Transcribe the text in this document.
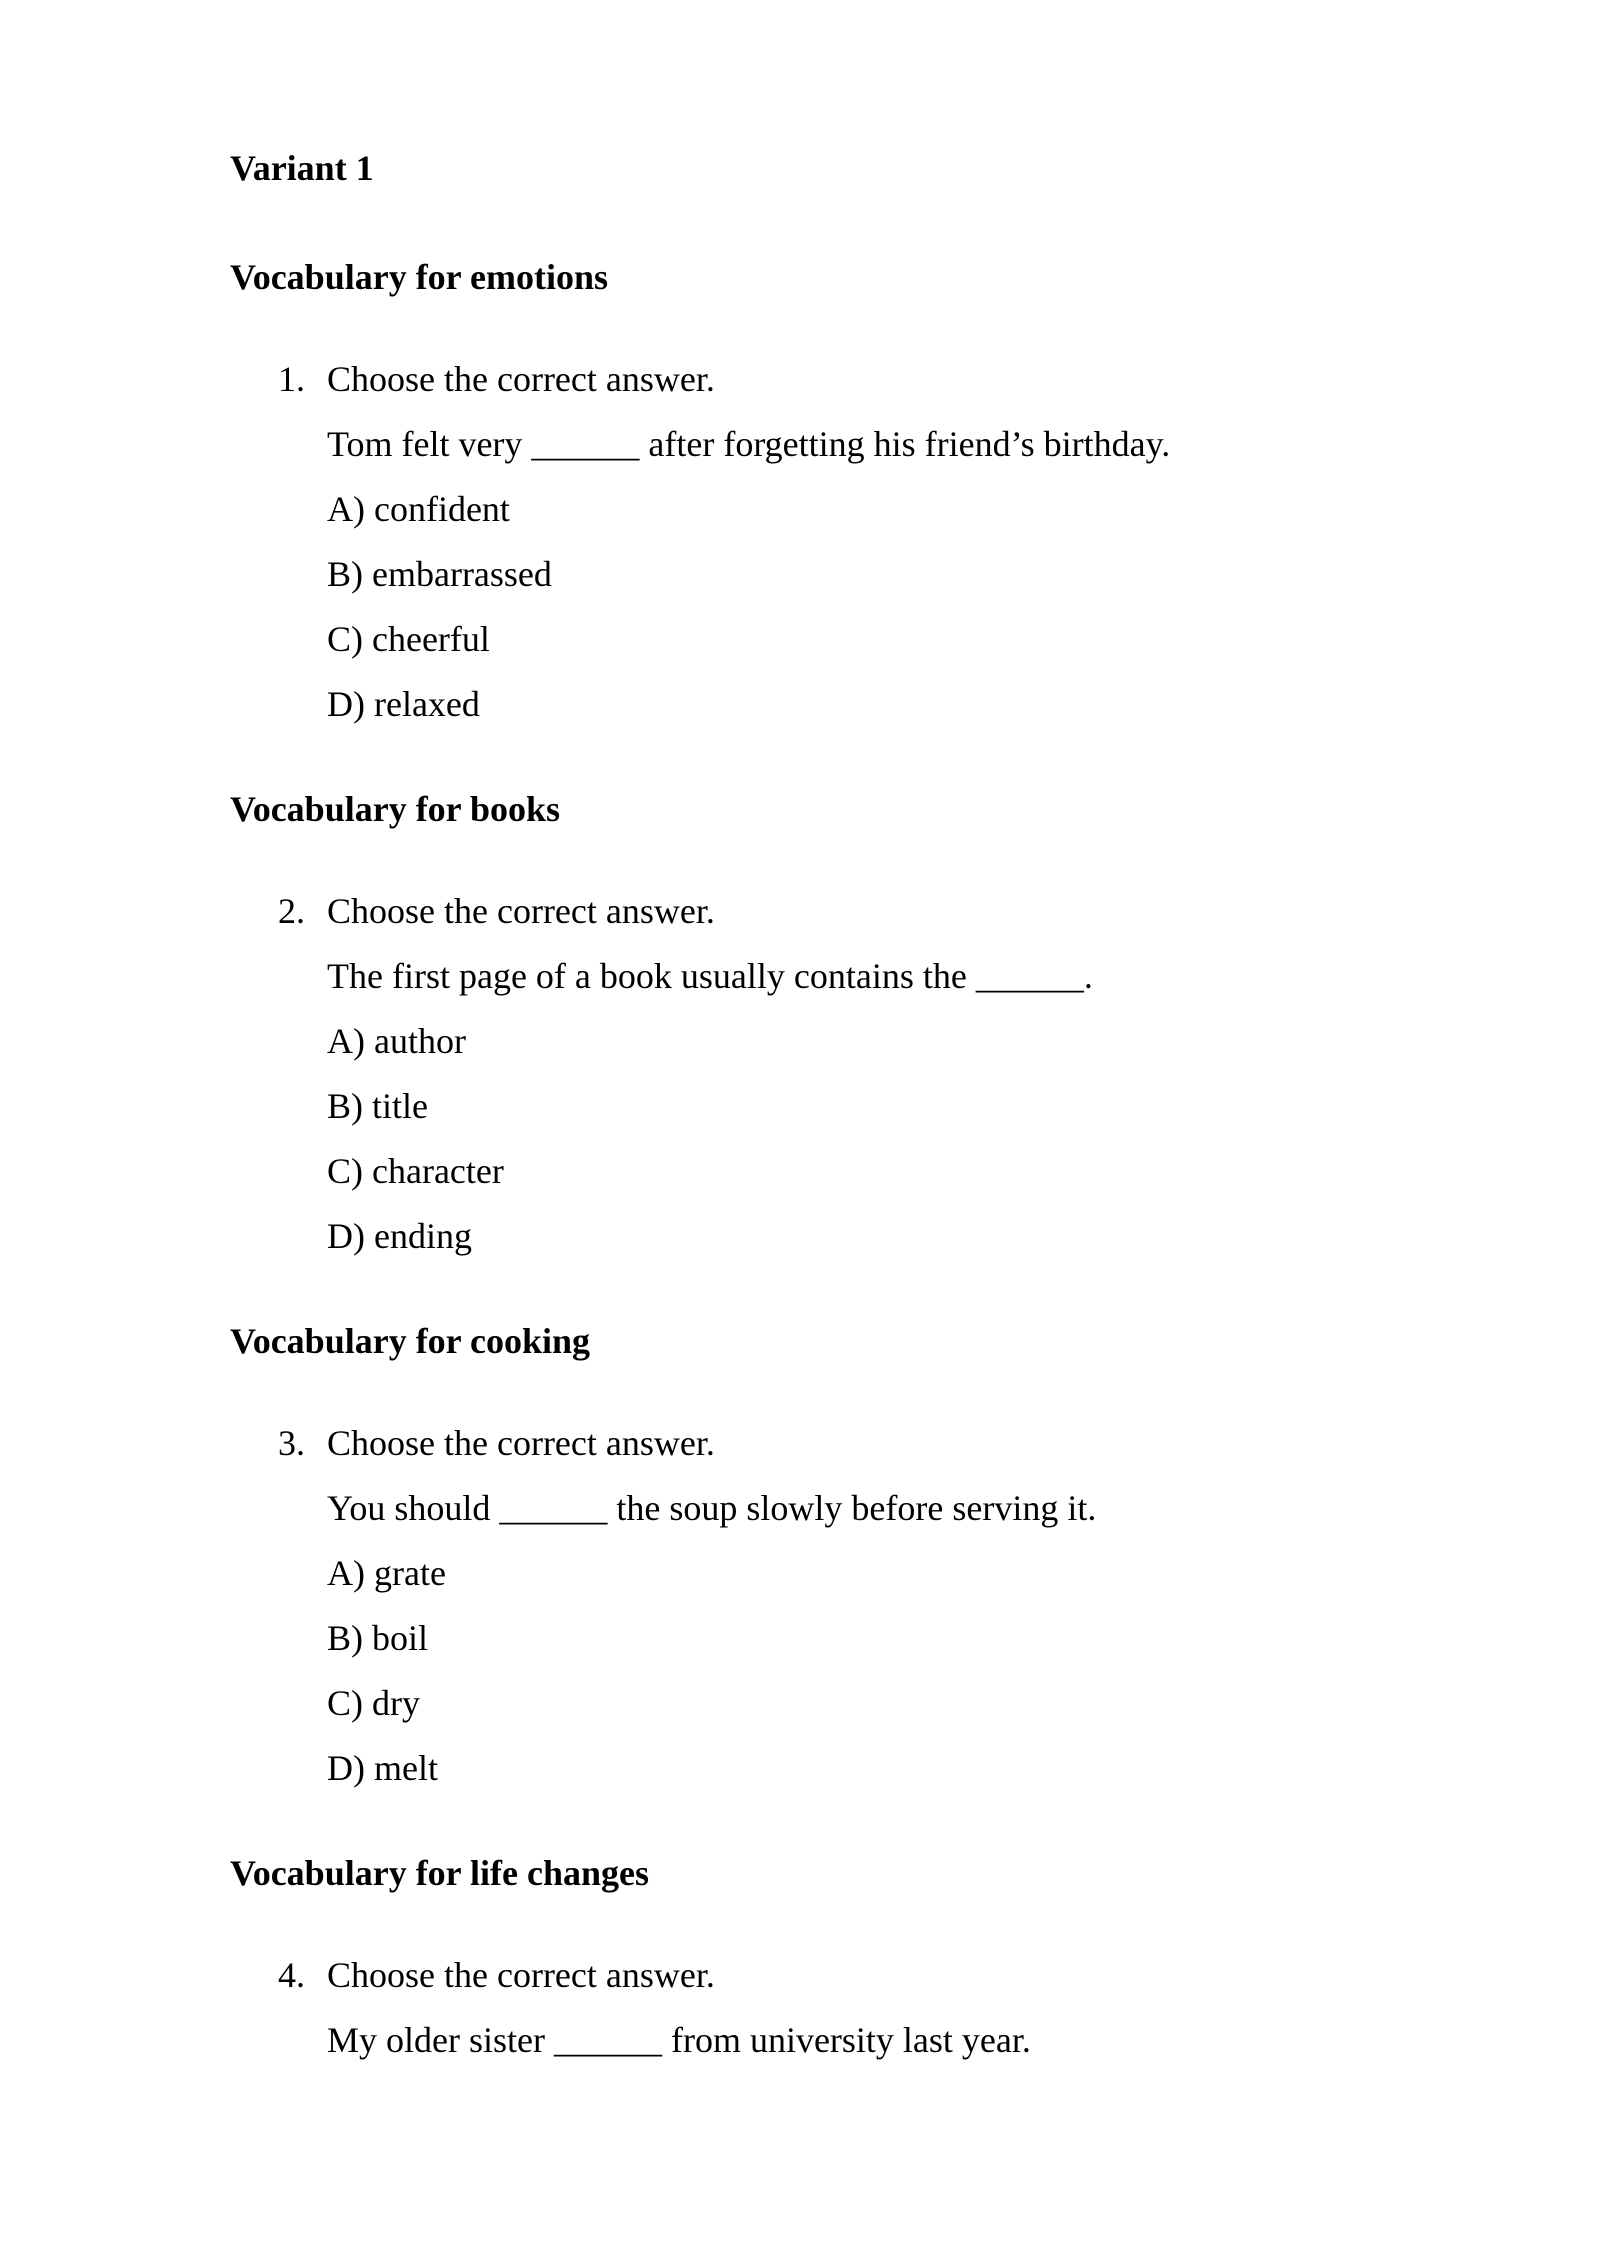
Variant 1
Vocabulary for emotions
1. Choose the correct answer.
Tom felt very ______ after forgetting his friend’s birthday.
A) confident
B) embarrassed
C) cheerful
D) relaxed
Vocabulary for books
2. Choose the correct answer.
The first page of a book usually contains the ______.
A) author
B) title
C) character
D) ending
Vocabulary for cooking
3. Choose the correct answer.
You should ______ the soup slowly before serving it.
A) grate
B) boil
C) dry
D) melt
Vocabulary for life changes
4. Choose the correct answer.
My older sister ______ from university last year.
